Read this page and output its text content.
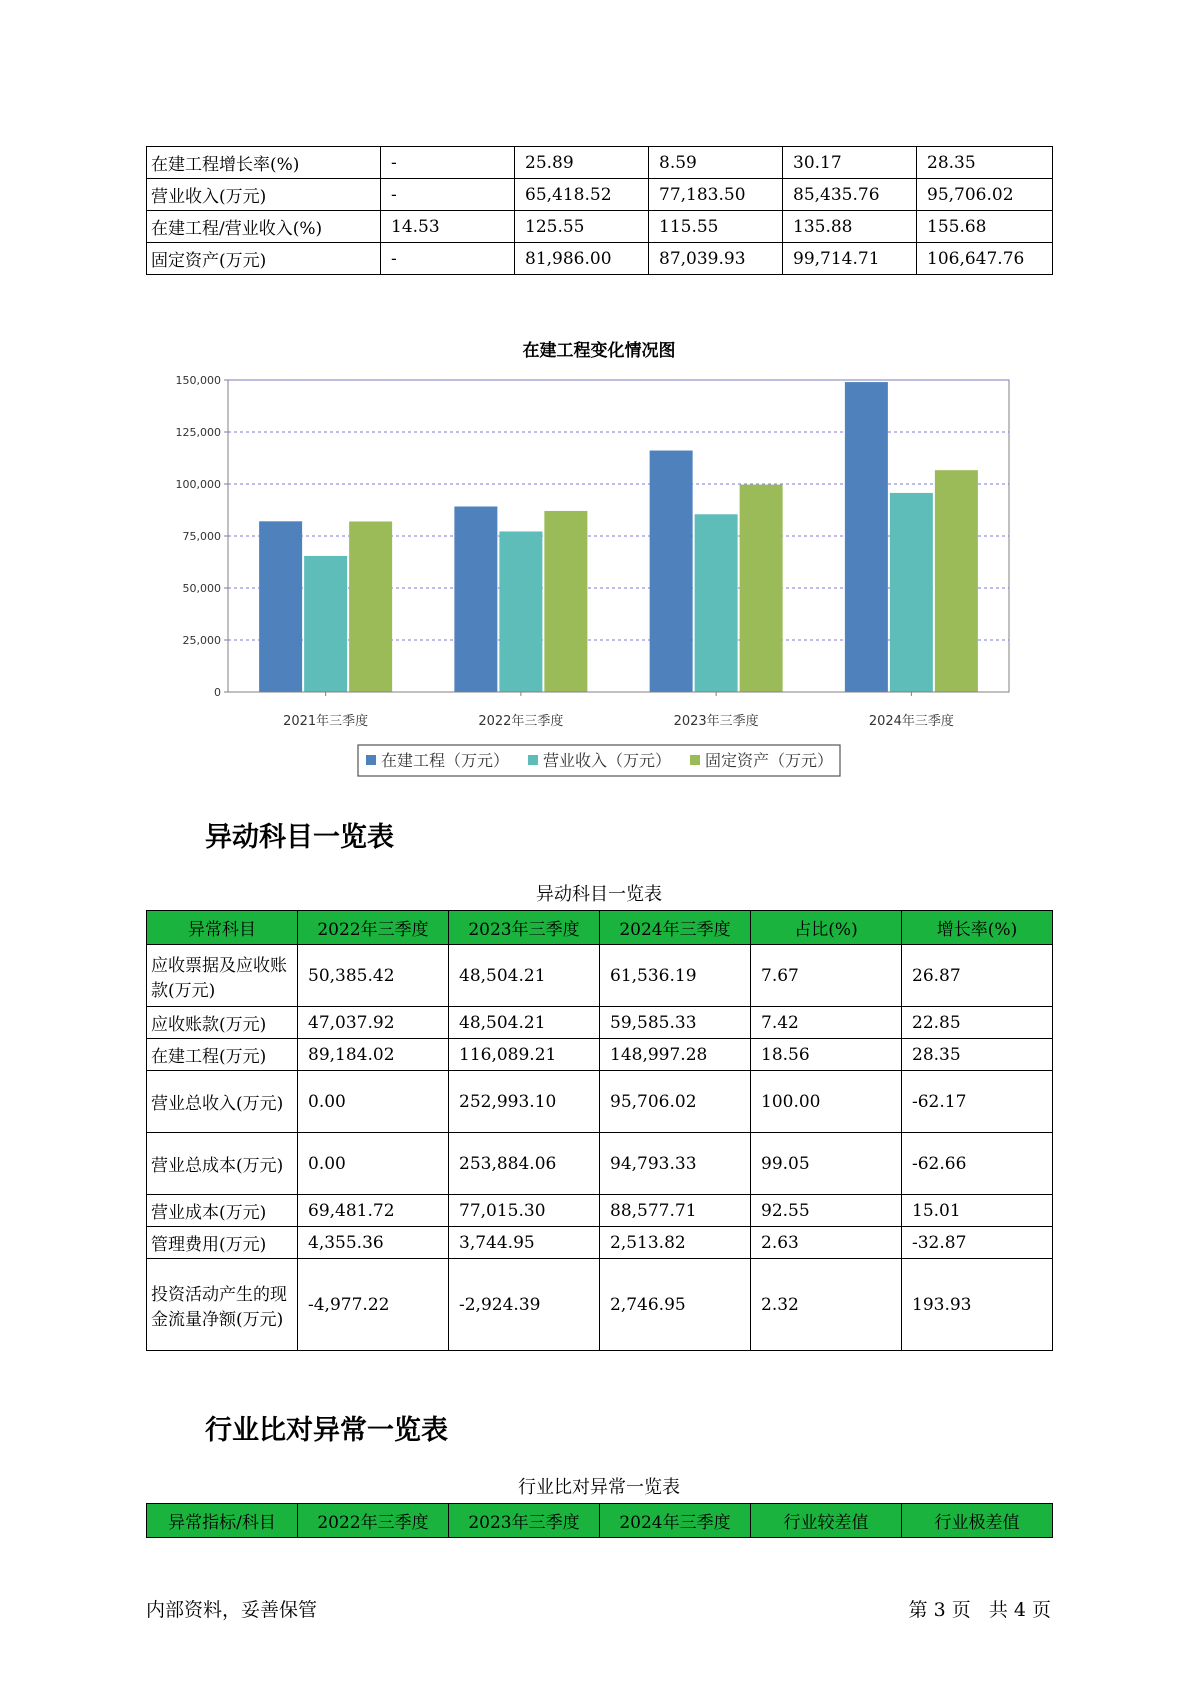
在建工程增长率(%)	-	25.89	8.59	30.17	28.35
营业收入(万元)	-	65,418.52	77,183.50	85,435.76	95,706.02
在建工程/营业收入(%)	14.53	125.55	115.55	135.88	155.68
固定资产(万元)	-	81,986.00	87,039.93	99,714.71	106,647.76
在建工程变化情况图
0
25,000
50,000
75,000
100,000
125,000
150,000
2021年三季度	2022年三季度	2023年三季度	2024年三季度
在建工程（万元） 营业收入（万元） 固定资产（万元）
异动科目一览表
异动科目一览表
异常科目	2022年三季度	2023年三季度	2024年三季度	占比(%)	增长率(%)
应收票据及应收账款(万元)	50,385.42	48,504.21	61,536.19	7.67	26.87
应收账款(万元)	47,037.92	48,504.21	59,585.33	7.42	22.85
在建工程(万元)	89,184.02	116,089.21	148,997.28	18.56	28.35
营业总收入(万元)	0.00	252,993.10	95,706.02	100.00	-62.17
营业总成本(万元)	0.00	253,884.06	94,793.33	99.05	-62.66
营业成本(万元)	69,481.72	77,015.30	88,577.71	92.55	15.01
管理费用(万元)	4,355.36	3,744.95	2,513.82	2.63	-32.87
投资活动产生的现金流量净额(万元)	-4,977.22	-2,924.39	2,746.95	2.32	193.93
行业比对异常一览表
行业比对异常一览表
异常指标/科目	2022年三季度	2023年三季度	2024年三季度	行业较差值	行业极差值
内部资料，妥善保管	第 3 页   共 4 页
